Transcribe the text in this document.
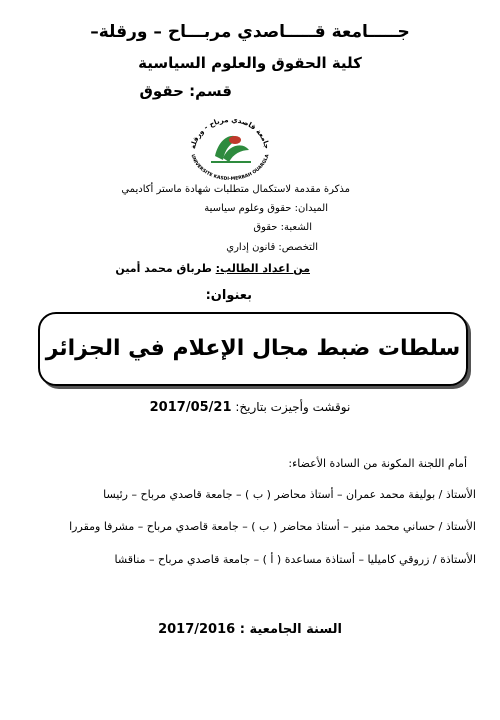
جـــــامعة قـــــاصدي مربـــاح – ورقلة–
كلية الحقوق والعلوم السياسية
قسم: حقوق
جامعة قاصدي مرباح - ورقلة
UNIVERSITE KASDI-MERBAH OUARGLA
مذكرة مقدمة لاستكمال متطلبات شهادة ماستر أكاديمي
الميدان: حقوق وعلوم سياسية
الشعبة: حقوق
التخصص: قانون إداري
من اعداد الطالب: طرباق محمد أمين
بعنوان:
سلطات ضبط مجال الإعلام في الجزائر
نوقشت وأجيزت بتاريخ: 2017/05/21
أمام اللجنة المكونة من السادة الأعضاء:
الأستاذ / بوليفة محمد عمران – أستاذ محاضر ( ب ) – جامعة قاصدي مرباح – رئيسا
الأستاذ / حساني محمد منير – أستاذ محاضر ( ب ) – جامعة قاصدي مرباح – مشرفا ومقررا
الأستاذة / زروقي كاميليا – أستاذة مساعدة ( أ ) – جامعة قاصدي مرباح – مناقشا
السنة الجامعية : 2017/2016
